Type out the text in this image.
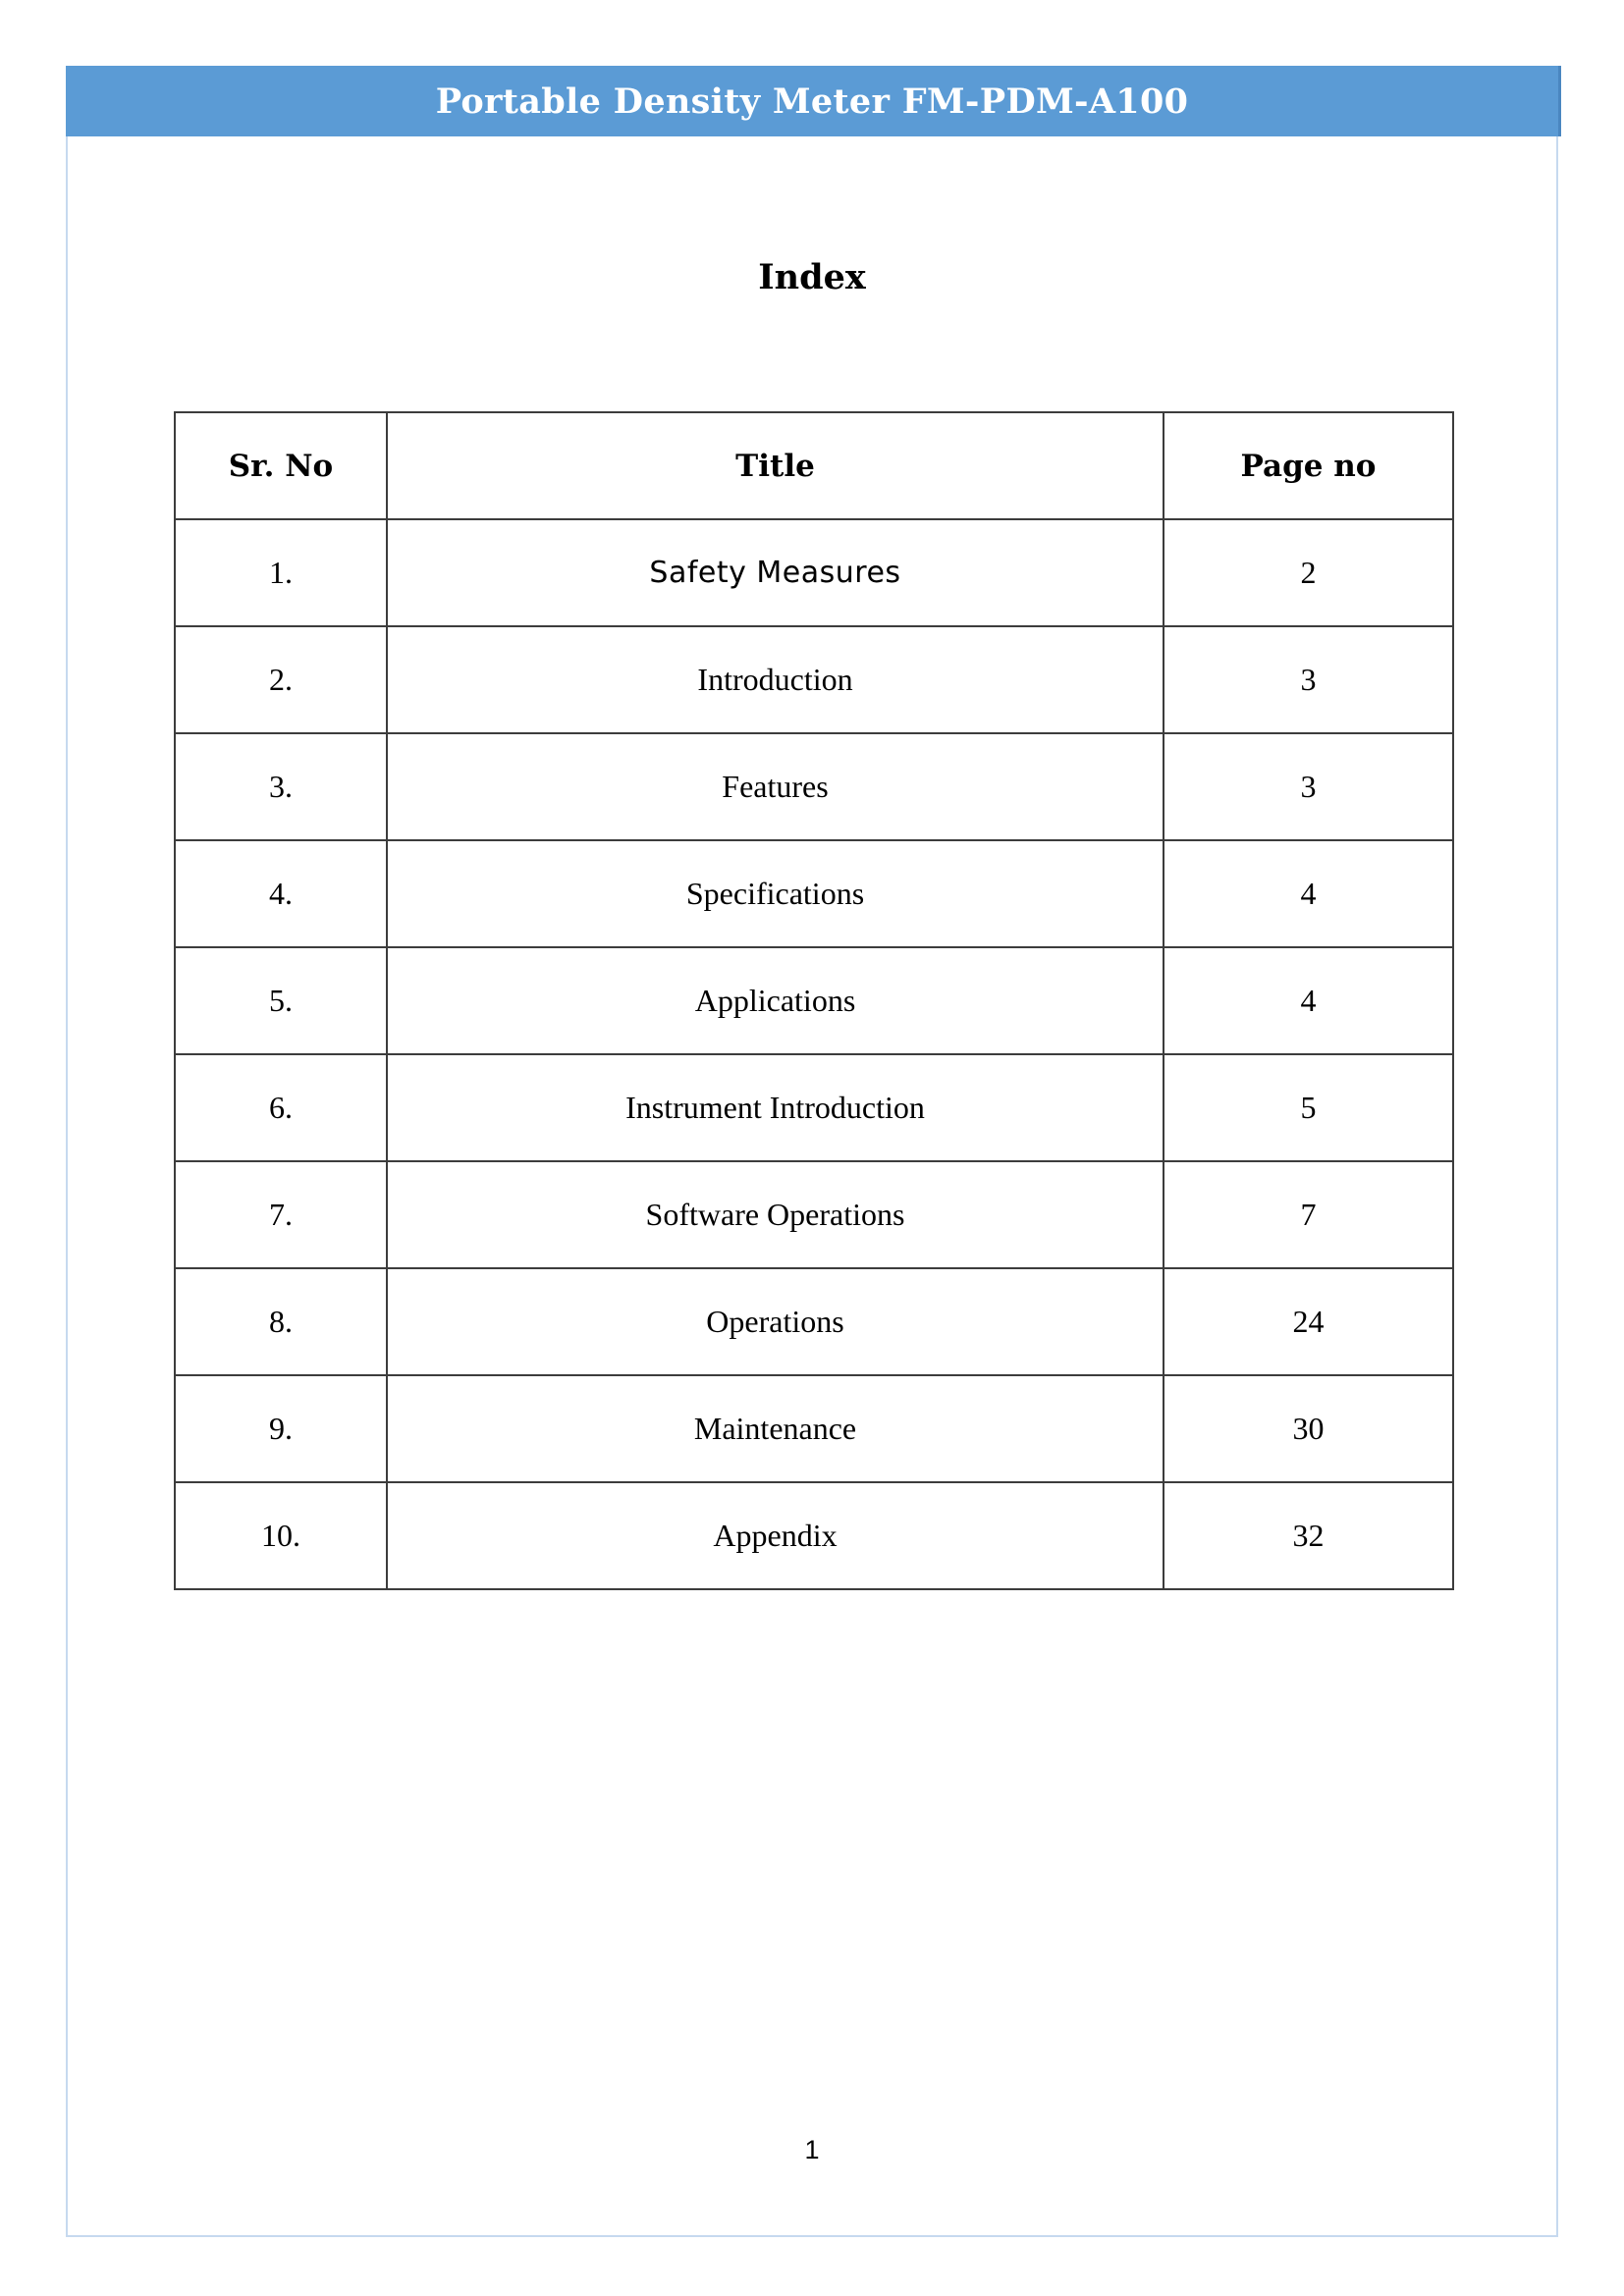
Portable Density Meter FM-PDM-A100
Index
Sr. No	Title	Page no
1.	Safety Measures	2
2.	Introduction	3
3.	Features	3
4.	Specifications	4
5.	Applications	4
6.	Instrument Introduction	5
7.	Software Operations	7
8.	Operations	24
9.	Maintenance	30
10.	Appendix	32
1
